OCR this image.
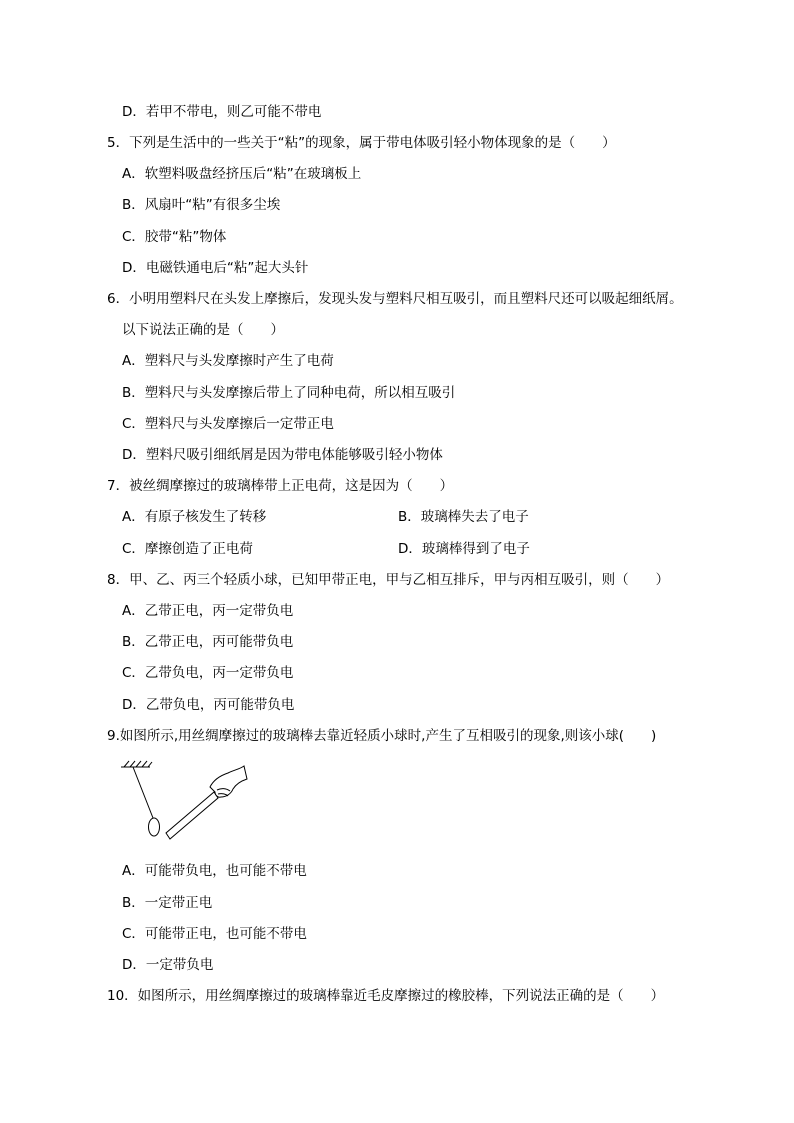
D．若甲不带电，则乙可能不带电
5．下列是生活中的一些关于“粘”的现象，属于带电体吸引轻小物体现象的是（　　）
A．软塑料吸盘经挤压后“粘”在玻璃板上
B．风扇叶“粘”有很多尘埃
C．胶带“粘”物体
D．电磁铁通电后“粘”起大头针
6．小明用塑料尺在头发上摩擦后，发现头发与塑料尺相互吸引，而且塑料尺还可以吸起细纸屑。
以下说法正确的是（　　）
A．塑料尺与头发摩擦时产生了电荷
B．塑料尺与头发摩擦后带上了同种电荷，所以相互吸引
C．塑料尺与头发摩擦后一定带正电
D．塑料尺吸引细纸屑是因为带电体能够吸引轻小物体
7．被丝绸摩擦过的玻璃棒带上正电荷，这是因为（　　）
A．有原子核发生了转移	B．玻璃棒失去了电子
C．摩擦创造了正电荷	D．玻璃棒得到了电子
8．甲、乙、丙三个轻质小球，已知甲带正电，甲与乙相互排斥，甲与丙相互吸引，则（　　）
A．乙带正电，丙一定带负电
B．乙带正电，丙可能带负电
C．乙带负电，丙一定带负电
D．乙带负电，丙可能带负电
9.如图所示,用丝绸摩擦过的玻璃棒去靠近轻质小球时,产生了互相吸引的现象,则该小球(　　)
A．可能带负电，也可能不带电
B．一定带正电
C．可能带正电，也可能不带电
D．一定带负电
10．如图所示，用丝绸摩擦过的玻璃棒靠近毛皮摩擦过的橡胶棒，下列说法正确的是（　　）
